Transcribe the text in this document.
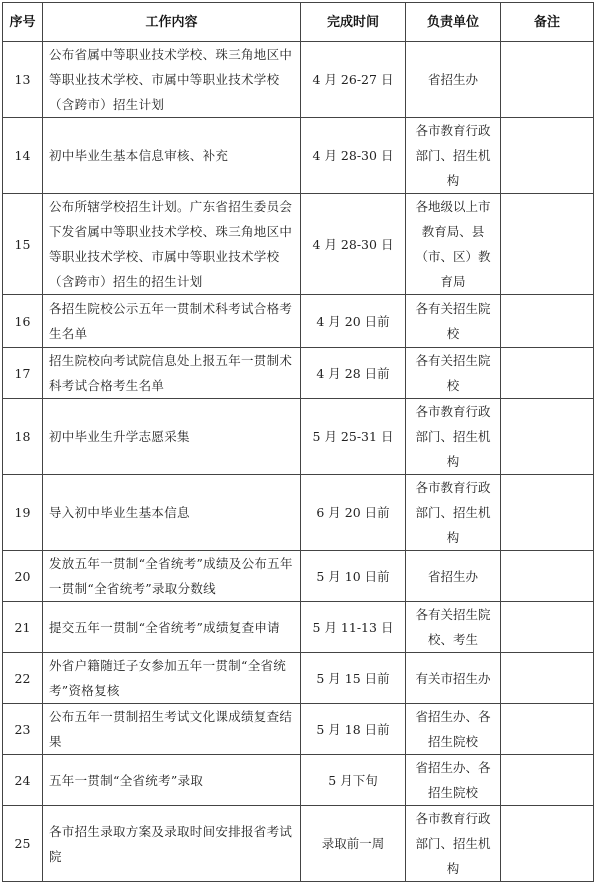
序号	工作内容	完成时间	负责单位	备注
13	公布省属中等职业技术学校、珠三角地区中等职业技术学校、市属中等职业技术学校（含跨市）招生计划	4 月 26-27 日	省招生办	
14	初中毕业生基本信息审核、补充	4 月 28-30 日	各市教育行政部门、招生机构	
15	公布所辖学校招生计划。广东省招生委员会下发省属中等职业技术学校、珠三角地区中等职业技术学校、市属中等职业技术学校（含跨市）招生的招生计划	4 月 28-30 日	各地级以上市教育局、县（市、区）教育局	
16	各招生院校公示五年一贯制术科考试合格考生名单	4 月 20 日前	各有关招生院校	
17	招生院校向考试院信息处上报五年一贯制术科考试合格考生名单	4 月 28 日前	各有关招生院校	
18	初中毕业生升学志愿采集	5 月 25-31 日	各市教育行政部门、招生机构	
19	导入初中毕业生基本信息	6 月 20 日前	各市教育行政部门、招生机构	
20	发放五年一贯制“全省统考”成绩及公布五年一贯制“全省统考”录取分数线	5 月 10 日前	省招生办	
21	提交五年一贯制“全省统考”成绩复查申请	5 月 11-13 日	各有关招生院校、考生	
22	外省户籍随迁子女参加五年一贯制“全省统考”资格复核	5 月 15 日前	有关市招生办	
23	公布五年一贯制招生考试文化课成绩复查结果	5 月 18 日前	省招生办、各招生院校	
24	五年一贯制“全省统考”录取	5 月下旬	省招生办、各招生院校	
25	各市招生录取方案及录取时间安排报省考试院	录取前一周	各市教育行政部门、招生机构	
